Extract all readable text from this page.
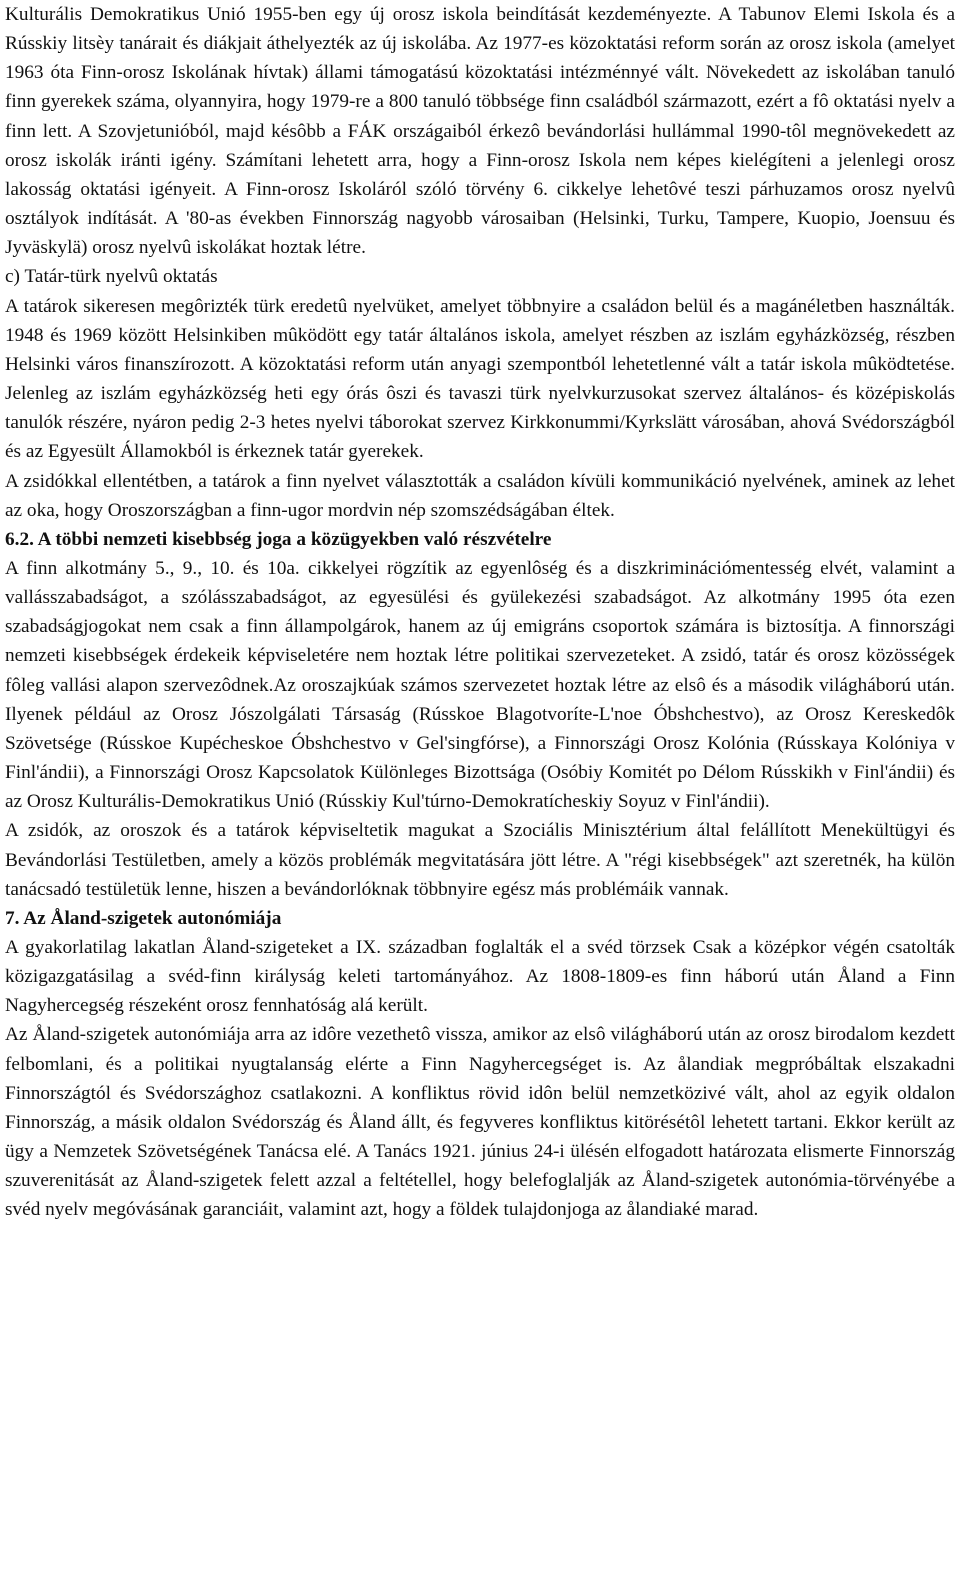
Kulturális Demokratikus Unió 1955-ben egy új orosz iskola beindítását kezdeményezte. A Tabunov Elemi Iskola és a Rússkiy litsèy tanárait és diákjait áthelyezték az új iskolába. Az 1977-es közoktatási reform során az orosz iskola (amelyet 1963 óta Finn-orosz Iskolának hívtak) állami támogatású közoktatási intézménnyé vált. Növekedett az iskolában tanuló finn gyerekek száma, olyannyira, hogy 1979-re a 800 tanuló többsége finn családból származott, ezért a fô oktatási nyelv a finn lett. A Szovjetunióból, majd késôbb a FÁK országaiból érkezô bevándorlási hullámmal 1990-tôl megnövekedett az orosz iskolák iránti igény. Számítani lehetett arra, hogy a Finn-orosz Iskola nem képes kielégíteni a jelenlegi orosz lakosság oktatási igényeit. A Finn-orosz Iskoláról szóló törvény 6. cikkelye lehetôvé teszi párhuzamos orosz nyelvû osztályok indítását. A '80-as években Finnország nagyobb városaiban (Helsinki, Turku, Tampere, Kuopio, Joensuu és Jyväskylä) orosz nyelvû iskolákat hoztak létre.

c) Tatár-türk nyelvû oktatás

A tatárok sikeresen megôrizték türk eredetû nyelvüket, amelyet többnyire a családon belül és a magánéletben használták. 1948 és 1969 között Helsinkiben mûködött egy tatár általános iskola, amelyet részben az iszlám egyházközség, részben Helsinki város finanszírozott. A közoktatási reform után anyagi szempontból lehetetlenné vált a tatár iskola mûködtetése. Jelenleg az iszlám egyházközség heti egy órás ôszi és tavaszi türk nyelvkurzusokat szervez általános- és középiskolás tanulók részére, nyáron pedig 2-3 hetes nyelvi táborokat szervez Kirkkonummi/Kyrkslätt városában, ahová Svédországból és az Egyesült Államokból is érkeznek tatár gyerekek.

A zsidókkal ellentétben, a tatárok a finn nyelvet választották a családon kívüli kommunikáció nyelvének, aminek az lehet az oka, hogy Oroszországban a finn-ugor mordvin nép szomszédságában éltek.

6.2. A többi nemzeti kisebbség joga a közügyekben való részvételre

A finn alkotmány 5., 9., 10. és 10a. cikkelyei rögzítik az egyenlôség és a diszkriminációmentesség elvét, valamint a vallásszabadságot, a szólásszabadságot, az egyesülési és gyülekezési szabadságot. Az alkotmány 1995 óta ezen szabadságjogokat nem csak a finn állampolgárok, hanem az új emigráns csoportok számára is biztosítja. A finnországi nemzeti kisebbségek érdekeik képviseletére nem hoztak létre politikai szervezeteket. A zsidó, tatár és orosz közösségek fôleg vallási alapon szervezôdnek.Az oroszajkúak számos szervezetet hoztak létre az elsô és a második világháború után. Ilyenek például az Orosz Jószolgálati Társaság (Rússkoe Blagotvoríte-L'noe Óbshchestvo), az Orosz Kereskedôk Szövetsége (Rússkoe Kupécheskoe Óbshchestvo v Gel'singfórse), a Finnországi Orosz Kolónia (Rússkaya Kolóniya v Finl'ándii), a Finnországi Orosz Kapcsolatok Különleges Bizottsága (Osóbiy Komitét po Délom Rússkikh v Finl'ándii) és az Orosz Kulturális-Demokratikus Unió (Rússkiy Kul'túrno-Demokratícheskiy Soyuz v Finl'ándii).

A zsidók, az oroszok és a tatárok képviseltetik magukat a Szociális Minisztérium által felállított Menekültügyi és Bevándorlási Testületben, amely a közös problémák megvitatására jött létre. A "régi kisebbségek" azt szeretnék, ha külön tanácsadó testületük lenne, hiszen a bevándorlóknak többnyire egész más problémáik vannak.

7. Az Åland-szigetek autonómiája

A gyakorlatilag lakatlan Åland-szigeteket a IX. században foglalták el a svéd törzsek Csak a középkor végén csatolták közigazgatásilag a svéd-finn királyság keleti tartományához. Az 1808-1809-es finn háború után Åland a Finn Nagyhercegség részeként orosz fennhatóság alá került.

Az Åland-szigetek autonómiája arra az idôre vezethetô vissza, amikor az elsô világháború után az orosz birodalom kezdett felbomlani, és a politikai nyugtalanság elérte a Finn Nagyhercegséget is. Az ålandiak megpróbáltak elszakadni Finnországtól és Svédországhoz csatlakozni. A konfliktus rövid idôn belül nemzetközivé vált, ahol az egyik oldalon Finnország, a másik oldalon Svédország és Åland állt, és fegyveres konfliktus kitörésétôl lehetett tartani. Ekkor került az ügy a Nemzetek Szövetségének Tanácsa elé. A Tanács 1921. június 24-i ülésén elfogadott határozata elismerte Finnország szuverenitását az Åland-szigetek felett azzal a feltétellel, hogy belefoglalják az Åland-szigetek autonómia-törvényébe a svéd nyelv megóvásának garanciáit, valamint azt, hogy a földek tulajdonjoga az ålandiaké marad.
